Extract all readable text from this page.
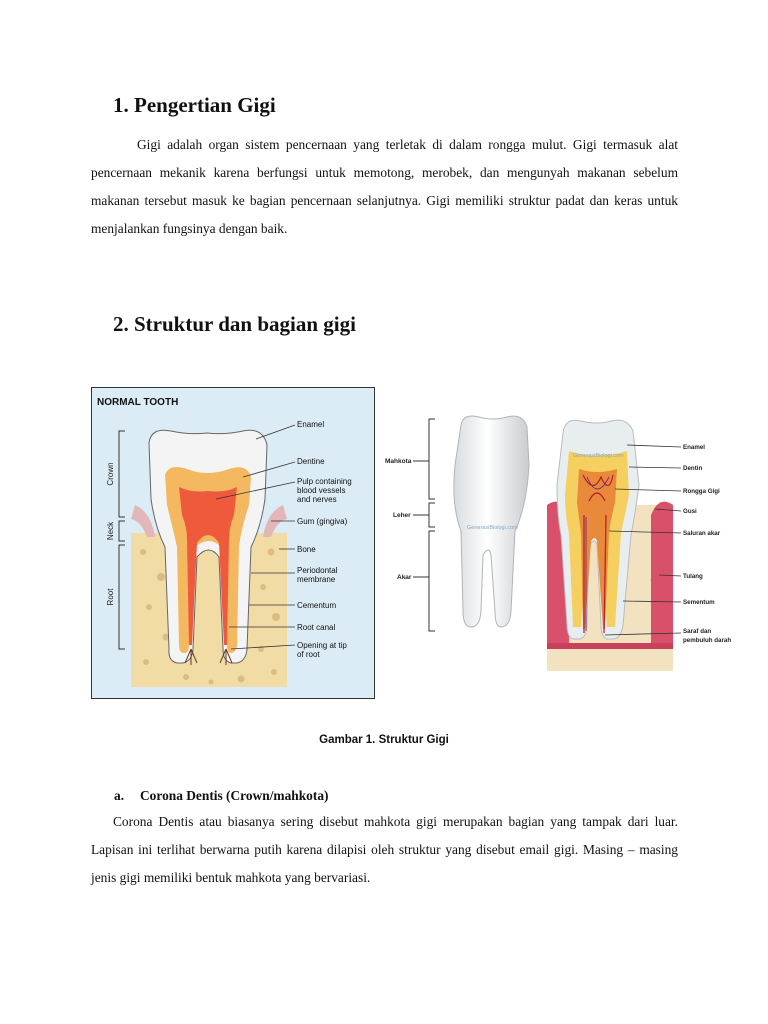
1. Pengertian Gigi

Gigi adalah organ sistem pencernaan yang terletak di dalam rongga mulut. Gigi termasuk alat pencernaan mekanik karena berfungsi untuk memotong, merobek, dan mengunyah makanan sebelum makanan tersebut masuk ke bagian pencernaan selanjutnya. Gigi memiliki struktur padat dan keras untuk menjalankan fungsinya dengan baik.

2. Struktur dan bagian gigi
NORMAL TOOTH
Crown
Neck
Root
Enamel
Dentine
Pulp containing
blood vessels
and nerves
Gum (gingiva)
Bone
Periodontal
membrane
Cementum
Root canal
Opening at tip
of root
Mahkota
Leher
Akar
GenerasiBiologi.com
GenerasiBiologi.com
Enamel
Dentin
Rongga Gigi
Gusi
Saluran akar
Tulang
Sementum
Saraf dan
pembuluh darah
Gambar 1. Struktur Gigi
a. Corona Dentis (Crown/mahkota)

Corona Dentis atau biasanya sering disebut mahkota gigi merupakan bagian yang tampak dari luar. Lapisan ini terlihat berwarna putih karena dilapisi oleh struktur yang disebut email gigi. Masing – masing jenis gigi memiliki bentuk mahkota yang bervariasi.
